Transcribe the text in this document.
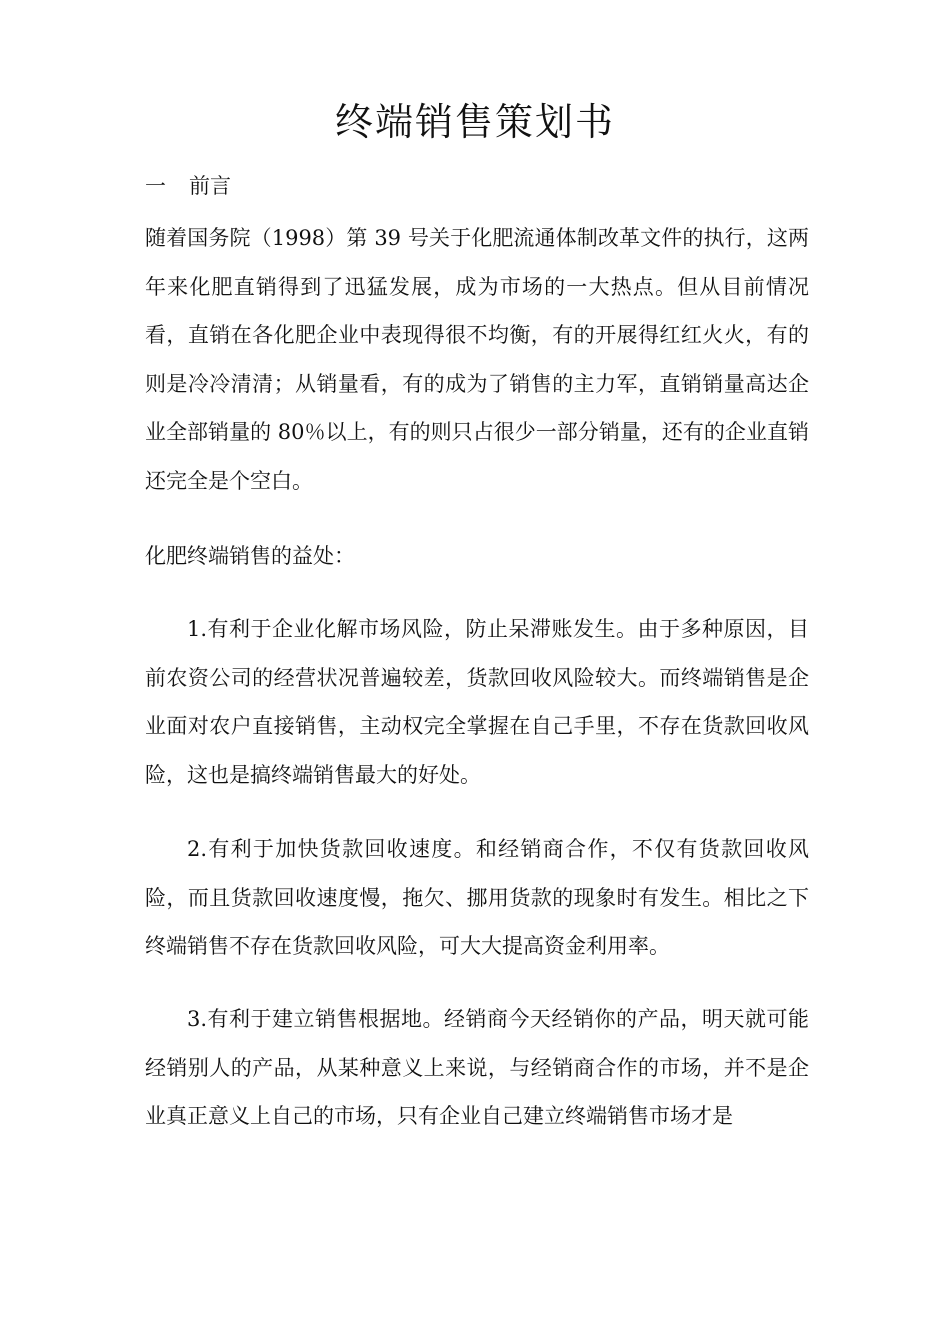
终端销售策划书
一 前言

随着国务院（1998）第 39 号关于化肥流通体制改革文件的执行，这两年来化肥直销得到了迅猛发展，成为市场的一大热点。但从目前情况看，直销在各化肥企业中表现得很不均衡，有的开展得红红火火，有的则是冷冷清清；从销量看，有的成为了销售的主力军，直销销量高达企业全部销量的 80％以上，有的则只占很少一部分销量，还有的企业直销还完全是个空白。

化肥终端销售的益处：

1.有利于企业化解市场风险，防止呆滞账发生。由于多种原因，目前农资公司的经营状况普遍较差，货款回收风险较大。而终端销售是企业面对农户直接销售，主动权完全掌握在自己手里，不存在货款回收风险，这也是搞终端销售最大的好处。

2.有利于加快货款回收速度。和经销商合作，不仅有货款回收风险，而且货款回收速度慢，拖欠、挪用货款的现象时有发生。相比之下终端销售不存在货款回收风险，可大大提高资金利用率。

3.有利于建立销售根据地。经销商今天经销你的产品，明天就可能经销别人的产品，从某种意义上来说，与经销商合作的市场，并不是企业真正意义上自己的市场，只有企业自己建立终端销售市场才是
